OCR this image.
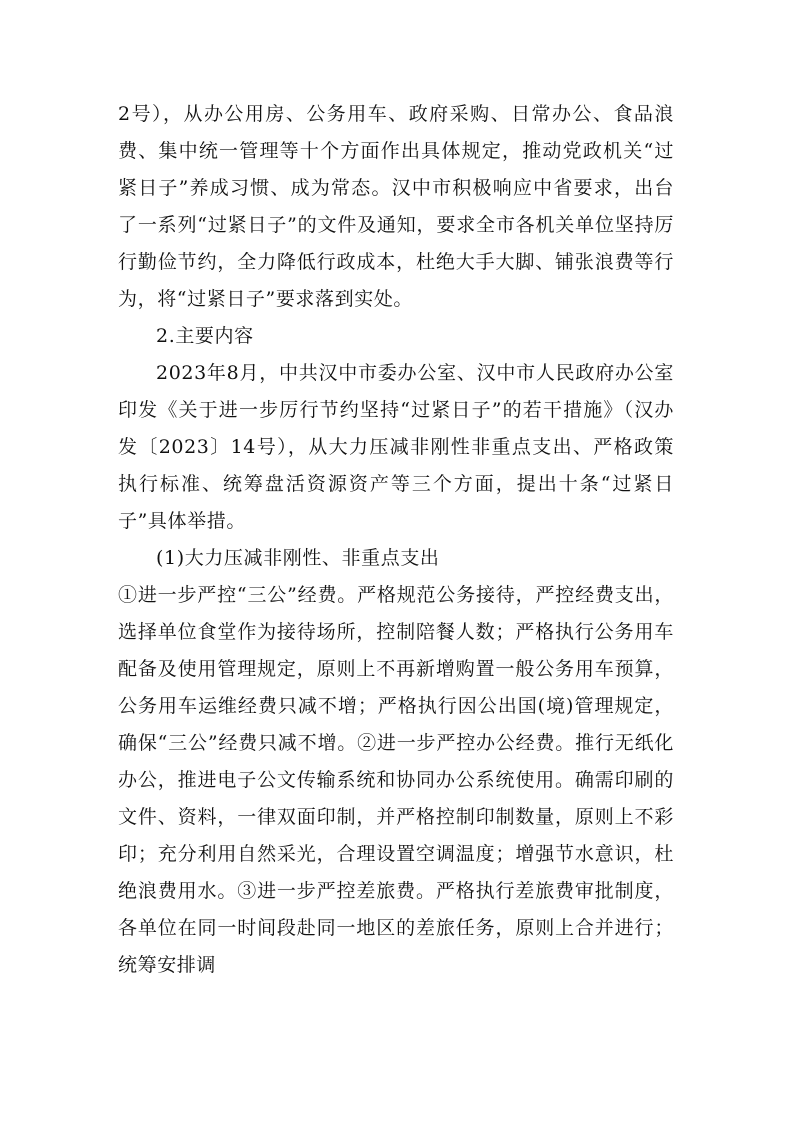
2号），从办公用房、公务用车、政府采购、日常办公、食品浪费、集中统一管理等十个方面作出具体规定，推动党政机关“过紧日子”养成习惯、成为常态。汉中市积极响应中省要求，出台了一系列“过紧日子”的文件及通知，要求全市各机关单位坚持厉行勤俭节约，全力降低行政成本，杜绝大手大脚、铺张浪费等行为，将“过紧日子”要求落到实处。

2.主要内容

2023年8月，中共汉中市委办公室、汉中市人民政府办公室印发《关于进一步厉行节约坚持“过紧日子”的若干措施》（汉办发〔2023〕14号），从大力压减非刚性非重点支出、严格政策执行标准、统筹盘活资源资产等三个方面，提出十条“过紧日子”具体举措。

(1)大力压减非刚性、非重点支出

①进一步严控“三公”经费。严格规范公务接待，严控经费支出，选择单位食堂作为接待场所，控制陪餐人数；严格执行公务用车配备及使用管理规定，原则上不再新增购置一般公务用车预算，公务用车运维经费只减不增；严格执行因公出国(境)管理规定，确保“三公”经费只减不增。②进一步严控办公经费。推行无纸化办公，推进电子公文传输系统和协同办公系统使用。确需印刷的文件、资料，一律双面印制，并严格控制印制数量，原则上不彩印；充分利用自然采光，合理设置空调温度；增强节水意识，杜绝浪费用水。③进一步严控差旅费。严格执行差旅费审批制度，各单位在同一时间段赴同一地区的差旅任务，原则上合并进行；统筹安排调
